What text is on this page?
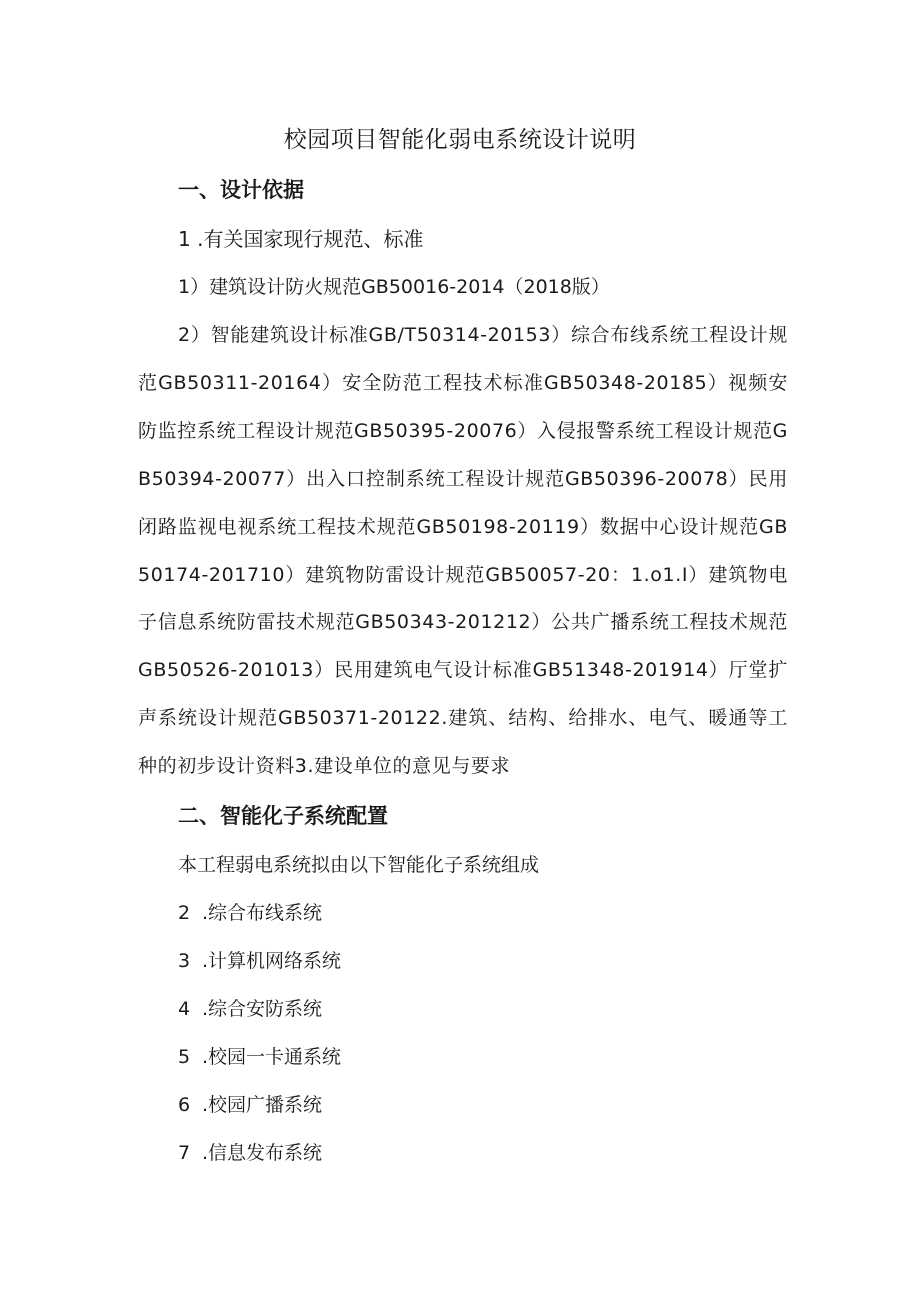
校园项目智能化弱电系统设计说明

一、设计依据

1 .有关国家现行规范、标准

1）建筑设计防火规范GB50016-2014（2018版）

2）智能建筑设计标准GB/T50314-20153）综合布线系统工程设计规范GB50311-20164）安全防范工程技术标准GB50348-20185）视频安防监控系统工程设计规范GB50395-20076）入侵报警系统工程设计规范GB50394-20077）出入口控制系统工程设计规范GB50396-20078）民用闭路监视电视系统工程技术规范GB50198-20119）数据中心设计规范GB50174-201710）建筑物防雷设计规范GB50057-20：1.o1.I）建筑物电子信息系统防雷技术规范GB50343-201212）公共广播系统工程技术规范GB50526-201013）民用建筑电气设计标准GB51348-201914）厅堂扩声系统设计规范GB50371-20122.建筑、结构、给排水、电气、暖通等工种的初步设计资料3.建设单位的意见与要求

二、智能化子系统配置

本工程弱电系统拟由以下智能化子系统组成

2 .综合布线系统

3 .计算机网络系统

4 .综合安防系统

5 .校园一卡通系统

6 .校园广播系统

7 .信息发布系统
